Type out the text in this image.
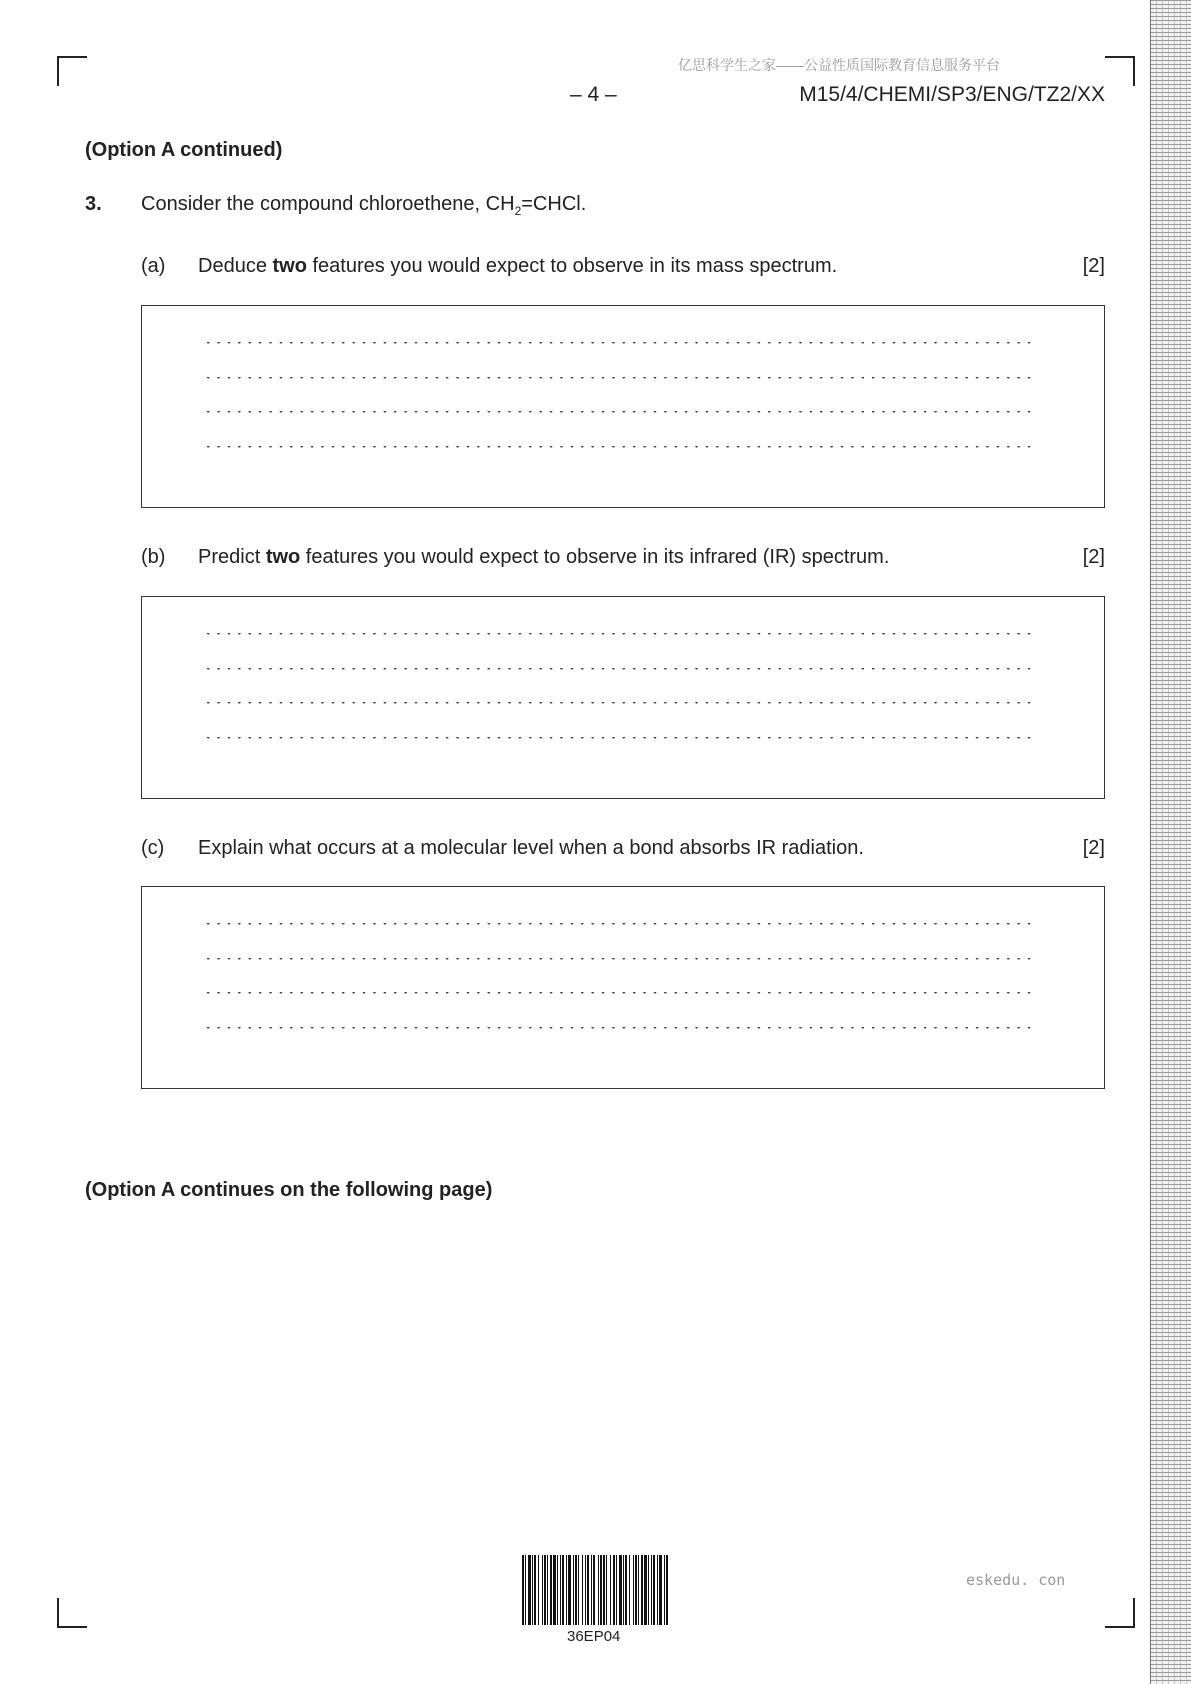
亿思科学生之家——公益性质国际教育信息服务平台
– 4 –	M15/4/CHEMI/SP3/ENG/TZ2/XX
(Option A continued)
3. Consider the compound chloroethene, $CH_2=CHCl$.
(a) Deduce two features you would expect to observe in its mass spectrum.	[2]
(b) Predict two features you would expect to observe in its infrared (IR) spectrum.	[2]
(c) Explain what occurs at a molecular level when a bond absorbs IR radiation.	[2]
(Option A continues on the following page)
36EP04
eskedu. con
